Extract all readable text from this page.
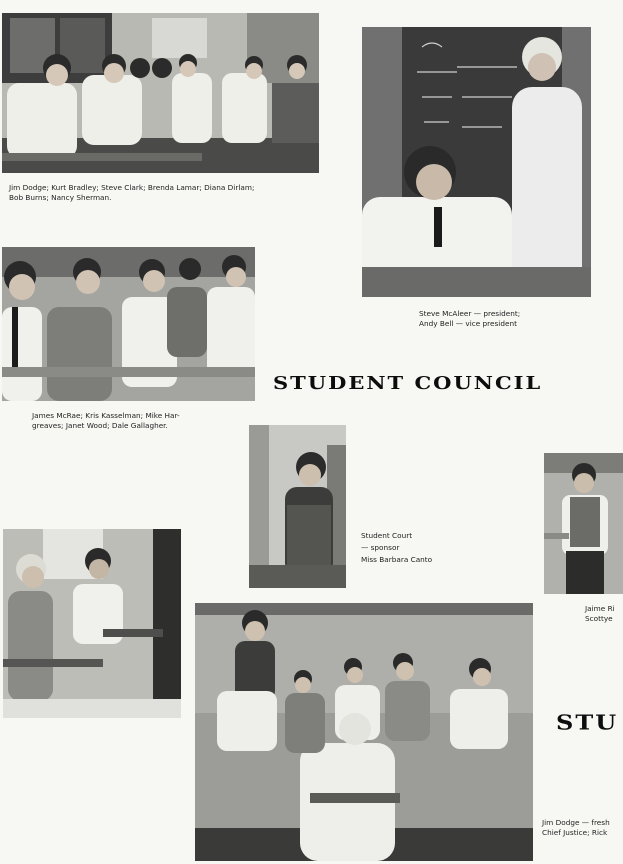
Jim Dodge; Kurt Bradley; Steve Clark; Brenda Lamar; Diana Dirlam;
Bob Burns; Nancy Sherman.
Steve McAleer — president;
Andy Bell — vice president
James McRae; Kris Kasselman; Mike Har-
greaves; Janet Wood; Dale Gallagher.
STUDENT COUNCIL
Student Court
— sponsor
Miss Barbara Canto
Jaime Ri
Scottye
Jim Dodge — fresh
Chief Justice; Rick
STU
